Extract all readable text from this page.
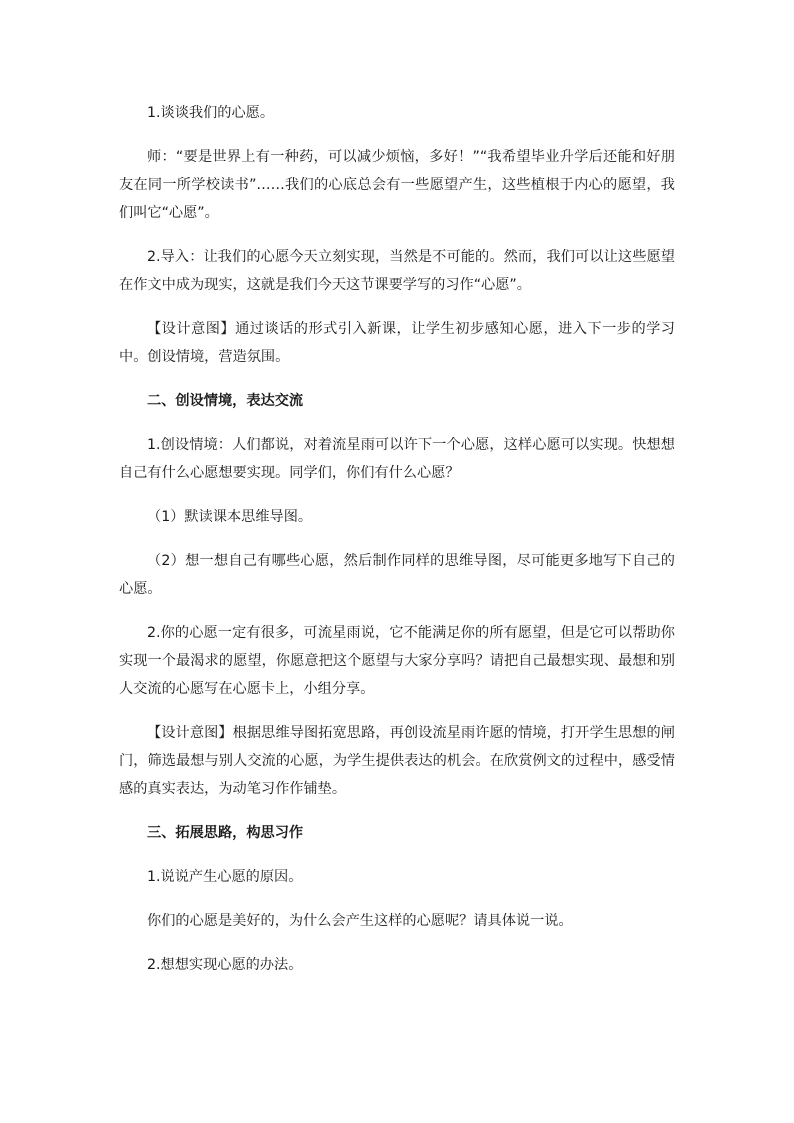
1.谈谈我们的心愿。

师：“要是世界上有一种药，可以减少烦恼，多好！”“我希望毕业升学后还能和好朋友在同一所学校读书”……我们的心底总会有一些愿望产生，这些植根于内心的愿望，我们叫它“心愿”。

2.导入：让我们的心愿今天立刻实现，当然是不可能的。然而，我们可以让这些愿望在作文中成为现实，这就是我们今天这节课要学写的习作“心愿”。

【设计意图】通过谈话的形式引入新课，让学生初步感知心愿，进入下一步的学习中。创设情境，营造氛围。

二、创设情境，表达交流

1.创设情境：人们都说，对着流星雨可以许下一个心愿，这样心愿可以实现。快想想自己有什么心愿想要实现。同学们，你们有什么心愿？

（1）默读课本思维导图。

（2）想一想自己有哪些心愿，然后制作同样的思维导图，尽可能更多地写下自己的心愿。

2.你的心愿一定有很多，可流星雨说，它不能满足你的所有愿望，但是它可以帮助你实现一个最渴求的愿望，你愿意把这个愿望与大家分享吗？请把自己最想实现、最想和别人交流的心愿写在心愿卡上，小组分享。

【设计意图】根据思维导图拓宽思路，再创设流星雨许愿的情境，打开学生思想的闸门，筛选最想与别人交流的心愿，为学生提供表达的机会。在欣赏例文的过程中，感受情感的真实表达，为动笔习作作铺垫。

三、拓展思路，构思习作

1.说说产生心愿的原因。

你们的心愿是美好的，为什么会产生这样的心愿呢？请具体说一说。

2.想想实现心愿的办法。
